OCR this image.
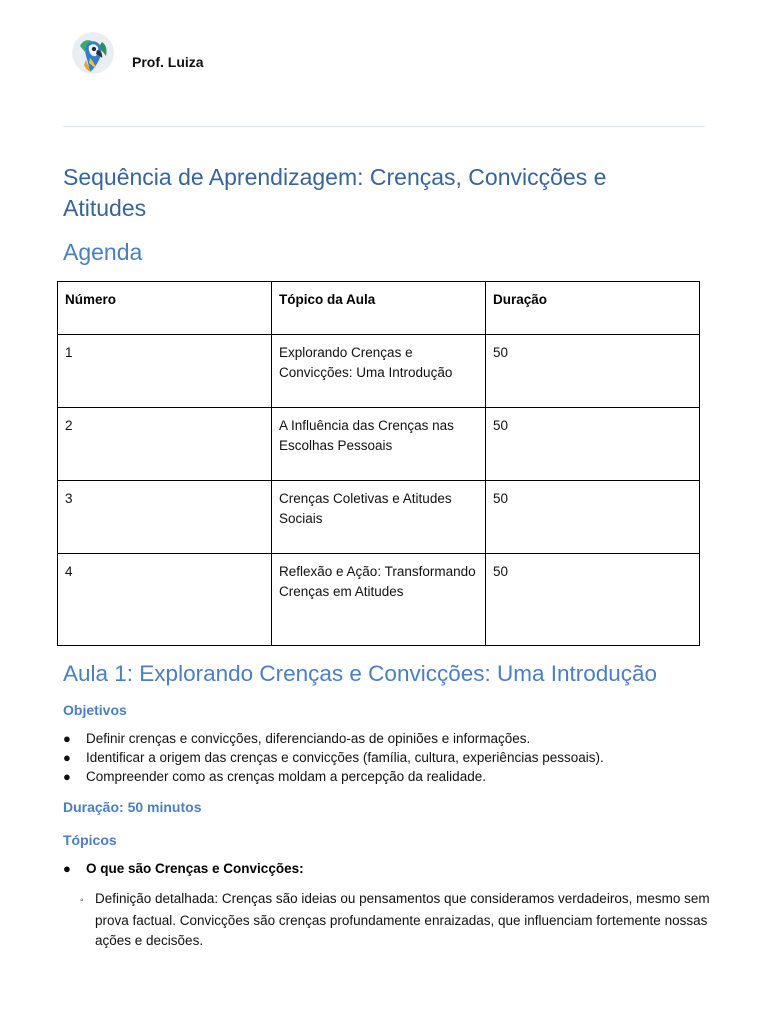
Prof. Luiza
Sequência de Aprendizagem: Crenças, Convicções e Atitudes
Agenda
Número	Tópico da Aula	Duração
1	Explorando Crenças e Convicções: Uma Introdução	50
2	A Influência das Crenças nas Escolhas Pessoais	50
3	Crenças Coletivas e Atitudes Sociais	50
4	Reflexão e Ação: Transformando Crenças em Atitudes	50
Aula 1: Explorando Crenças e Convicções: Uma Introdução
Objetivos
● Definir crenças e convicções, diferenciando-as de opiniões e informações.
● Identificar a origem das crenças e convicções (família, cultura, experiências pessoais).
● Compreender como as crenças moldam a percepção da realidade.
Duração: 50 minutos
Tópicos
● O que são Crenças e Convicções:
◦ Definição detalhada: Crenças são ideias ou pensamentos que consideramos verdadeiros, mesmo sem prova factual. Convicções são crenças profundamente enraizadas, que influenciam fortemente nossas ações e decisões.
